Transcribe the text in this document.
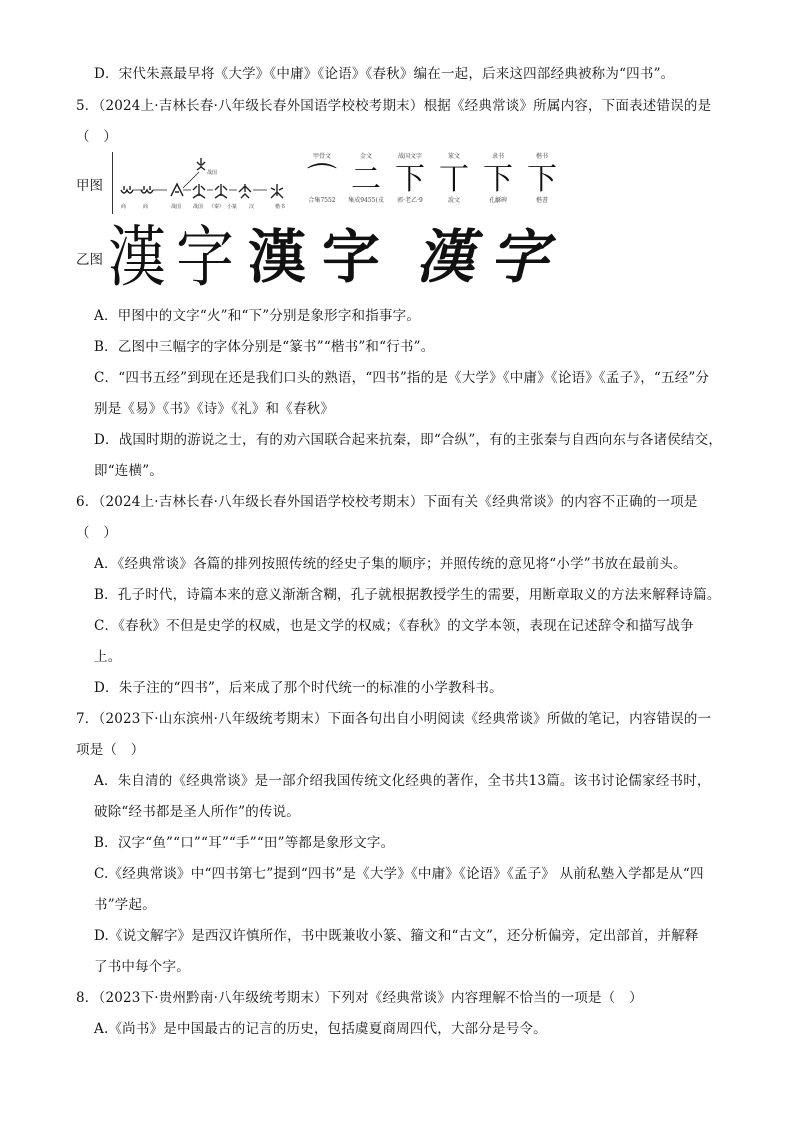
D．宋代朱熹最早将《大学》《中庸》《论语》《春秋》编在一起，后来这四部经典被称为“四书”。
5．（2024上·吉林长春·八年级长春外国语学校校考期末）根据《经典常谈》所属内容，下面表述错误的是
（　）
甲图
商	商	战国 战国 《秦》 小篆 汉	楷书
战国
甲骨文
⌒
合集7552
金文
二
集成9455(戎
战国文字
下
郭·老乙·9
篆文
丅
說文
隶书
下
孔龢碑
楷书
下
楷書
乙图 漢 字 漢 字 漢 字
A．甲图中的文字“火”和“下”分别是象形字和指事字。
B．乙图中三幅字的字体分别是“篆书”“楷书”和“行书”。
C．“四书五经”到现在还是我们口头的熟语，“四书”指的是《大学》《中庸》《论语》《孟子》，“五经”分
别是《易》《书》《诗》《礼》和《春秋》
D．战国时期的游说之士，有的劝六国联合起来抗秦，即“合纵”，有的主张秦与自西向东与各诸侯结交，
即“连横”。
6．（2024上·吉林长春·八年级长春外国语学校校考期末）下面有关《经典常谈》的内容不正确的一项是
（　）
A．《经典常谈》各篇的排列按照传统的经史子集的顺序；并照传统的意见将“小学”书放在最前头。
B．孔子时代，诗篇本来的意义渐渐含糊，孔子就根据教授学生的需要，用断章取义的方法来解释诗篇。
C．《春秋》不但是史学的权威，也是文学的权威；《春秋》的文学本领，表现在记述辞令和描写战争
上。
D．朱子注的“四书”，后来成了那个时代统一的标准的小学教科书。
7．（2023下·山东滨州·八年级统考期末）下面各句出自小明阅读《经典常谈》所做的笔记，内容错误的一
项是（　）
A．朱自清的《经典常谈》是一部介绍我国传统文化经典的著作，全书共13篇。该书讨论儒家经书时，
破除“经书都是圣人所作”的传说。
B．汉字“鱼”“口”“耳”“手”“田”等都是象形文字。
C.《经典常谈》中“四书第七”提到“四书”是《大学》《中庸》《论语》《孟子》 从前私塾入学都是从“四
书”学起。
D.《说文解字》是西汉许慎所作，书中既兼收小篆、籀文和“古文”，还分析偏旁，定出部首，并解释
了书中每个字。
8．（2023下·贵州黔南·八年级统考期末）下列对《经典常谈》内容理解不恰当的一项是（　）
A.《尚书》是中国最古的记言的历史，包括虞夏商周四代，大部分是号令。
